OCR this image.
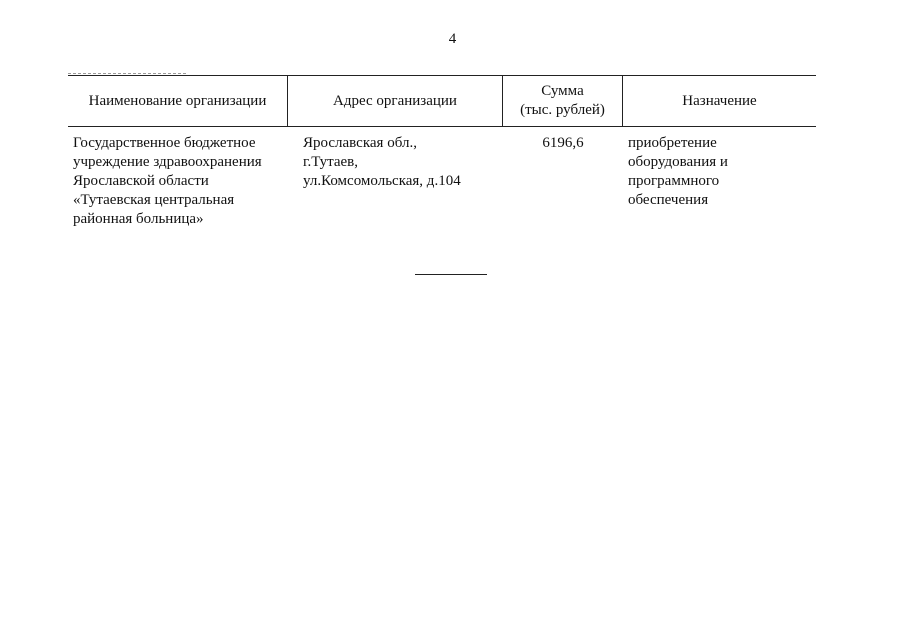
4
Наименование организации	Адрес организации
Сумма
(тыс. рублей)
Назначение
Государственное бюджетное
учреждение здравоохранения
Ярославской области
«Тутаевская центральная
районная больница»
Ярославская обл.,
г.Тутаев,
ул.Комсомольская, д.104
6196,6	приобретение
оборудования и
программного
обеспечения
